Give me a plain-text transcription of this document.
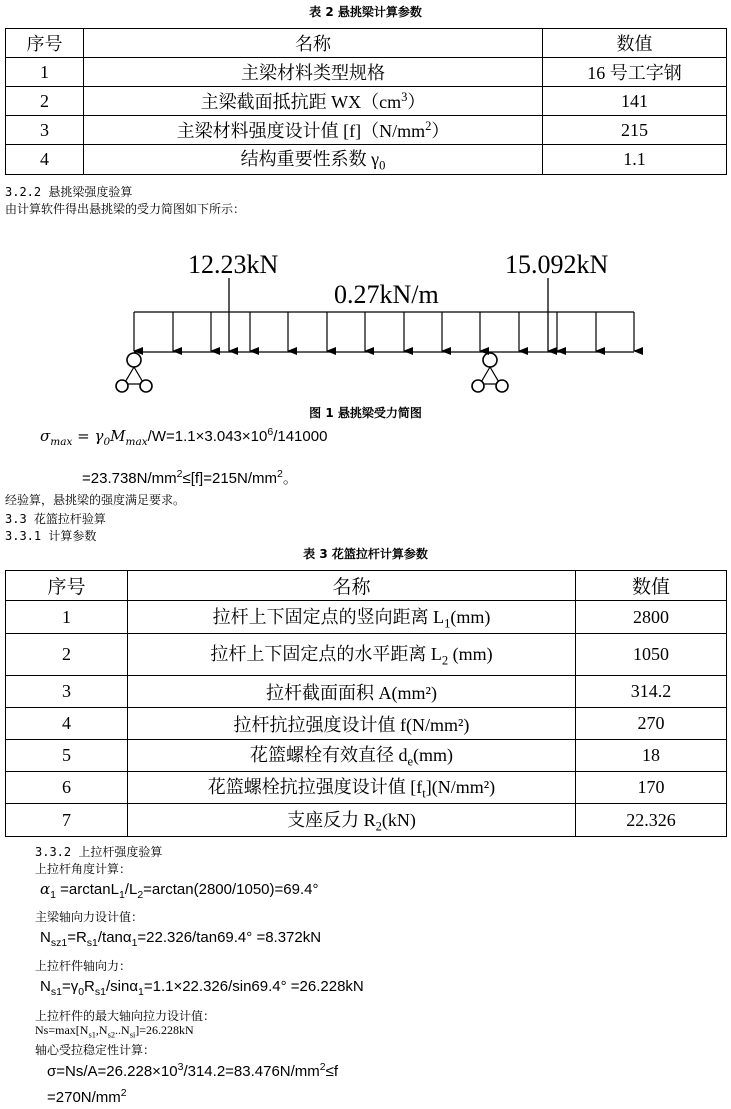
表 2 悬挑梁计算参数
序号	名称	数值
1	主梁材料类型规格	16 号工字钢
2	主梁截面抵抗距 $WX(cm^3)$	141
3	主梁材料强度设计值 $[f](N/mm^2)$	215
4	结构重要性系数 $\gamma_0$	1.1
3.2.2 悬挑梁强度验算
由计算软件得出悬挑梁的受力简图如下所示：
12.23kN	15.092kN
0.27kN/m
图 1 悬挑梁受力简图
$\sigma_{max} = \gamma_0M_{max}/W=1.1\times 3.043\times 10^6/141000$
$=23.738N/mm^2\le[f]=215N/mm^2$。
经验算，悬挑梁的强度满足要求。
3.3 花篮拉杆验算
3.3.1 计算参数
表 3 花篮拉杆计算参数
序号	名称	数值
1	拉杆上下固定点的竖向距离 $L_1(mm)$	2800
2	拉杆上下固定点的水平距离 $L_2$ (mm)	1050
3	拉杆截面面积 A(mm²)	314.2
4	拉杆抗拉强度设计值 f(N/mm²)	270
5	花篮螺栓有效直径 $d_e(mm)$	18
6	花篮螺栓抗拉强度设计值 $[f_t](N/mm^2)$	170
7	支座反力 $R_2(kN)$	22.326
3.3.2 上拉杆强度验算
上拉杆角度计算：
$\alpha_1 =\arctan L_1/L_2=\arctan(2800/1050)=69.4^\circ$
主梁轴向力设计值：
$N_{sz1}=R_{s1}/\tan\alpha_1=22.326/\tan 69.4^\circ =8.372kN$
上拉杆件轴向力：
$N_{s1}=\gamma_0R_{s1}/\sin\alpha_1=1.1\times 22.326/\sin 69.4^\circ =26.228kN$
上拉杆件的最大轴向拉力设计值：
$Ns=\max[N_{s1},N_{s2}..N_{si}]=26.228kN$
轴心受拉稳定性计算：
$\sigma=Ns/A=26.228\times 10^3/314.2=83.476N/mm^2\le f$
$=270N/mm^2$
